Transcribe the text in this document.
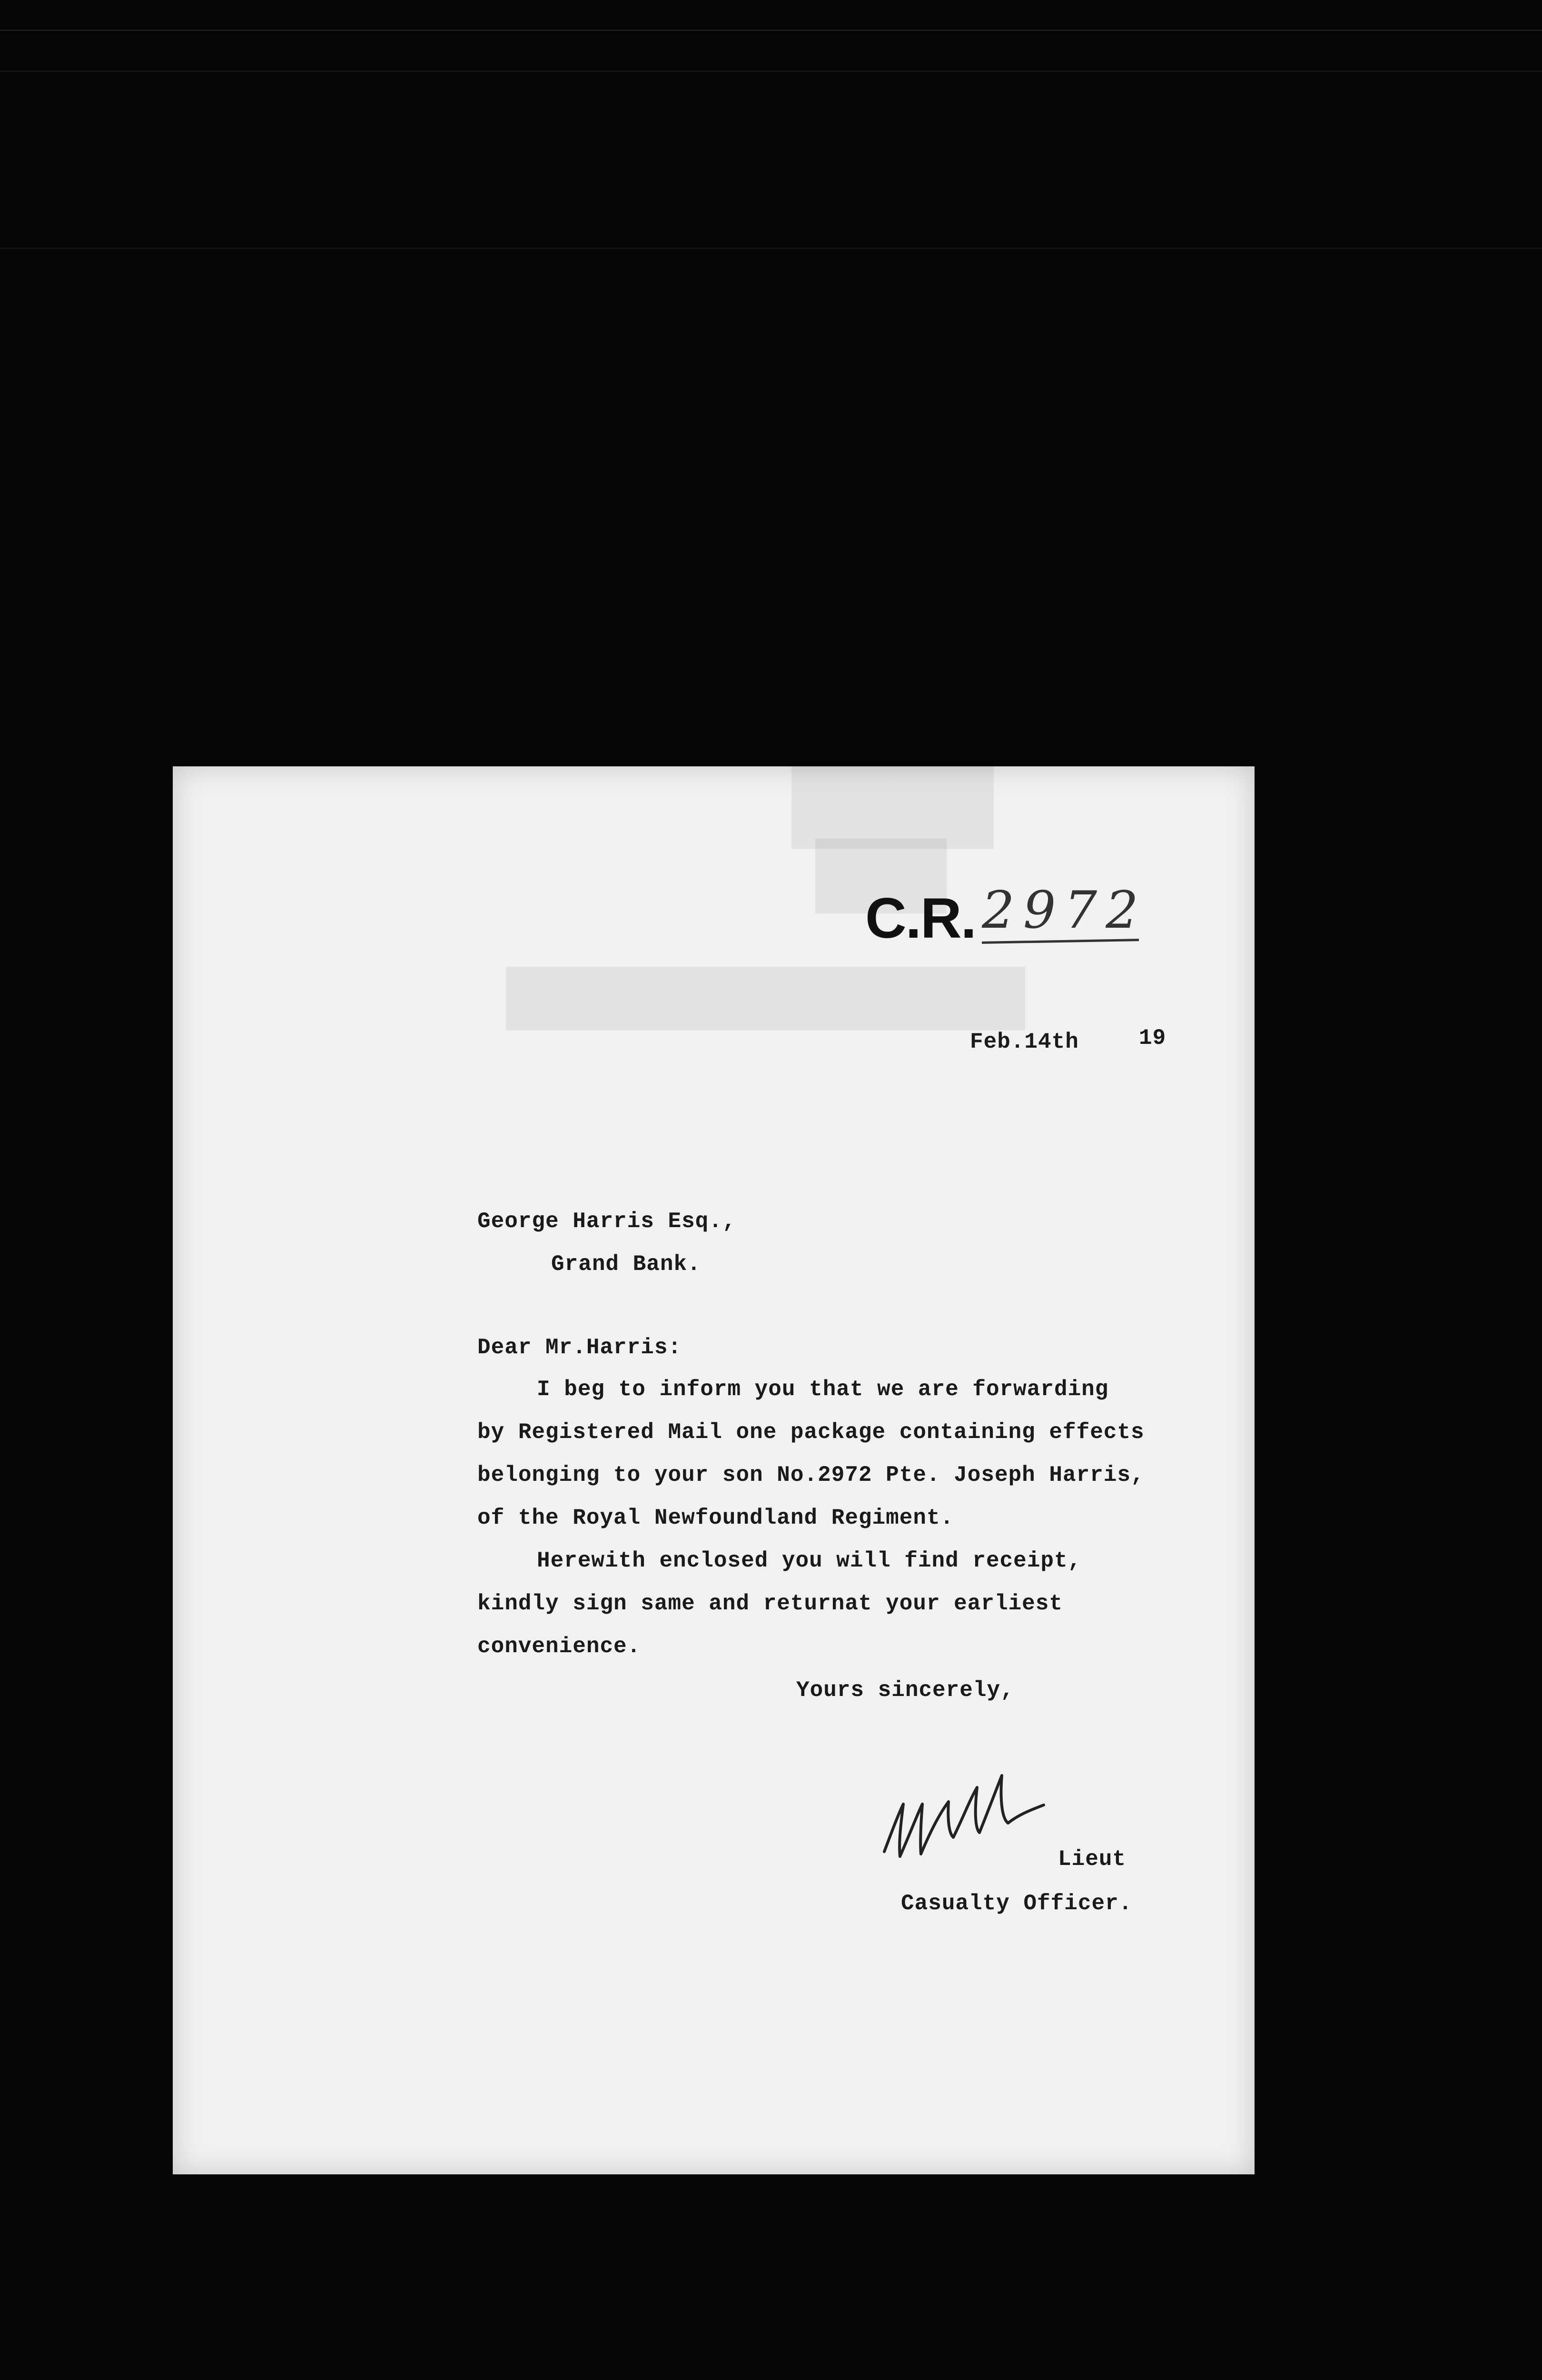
████
███
██████████████
C.R. 2972
Feb.14th	19
George Harris Esq.,
Grand Bank.
Dear Mr.Harris:
I beg to inform you that we are forwarding
by Registered Mail one package containing effects
belonging to your son No.2972 Pte. Joseph Harris,
of the Royal Newfoundland Regiment.
Herewith enclosed you will find receipt,
kindly sign same and returnat your earliest
convenience.
Yours sincerely,
Lieut
Casualty Officer.
